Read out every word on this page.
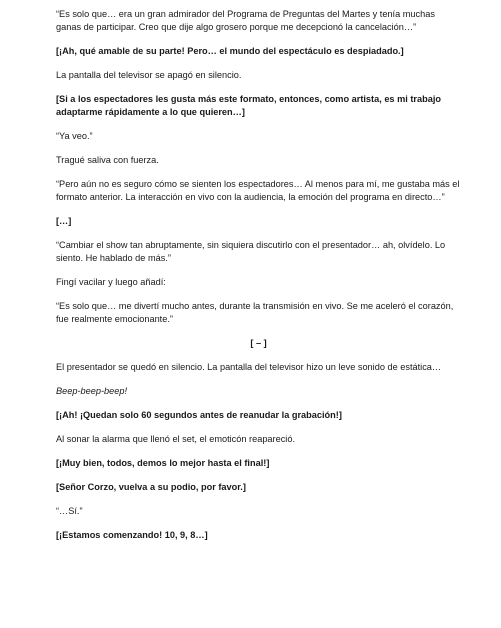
“Es solo que… era un gran admirador del Programa de Preguntas del Martes y tenía muchas ganas de participar. Creo que dije algo grosero porque me decepcionó la cancelación…”

[¡Ah, qué amable de su parte! Pero… el mundo del espectáculo es despiadado.]

La pantalla del televisor se apagó en silencio.

[Si a los espectadores les gusta más este formato, entonces, como artista, es mi trabajo adaptarme rápidamente a lo que quieren…]

“Ya veo.”

Tragué saliva con fuerza.

“Pero aún no es seguro cómo se sienten los espectadores… Al menos para mí, me gustaba más el formato anterior. La interacción en vivo con la audiencia, la emoción del programa en directo…”

[…]

“Cambiar el show tan abruptamente, sin siquiera discutirlo con el presentador… ah, olvídelo. Lo siento. He hablado de más.”

Fingí vacilar y luego añadí:

“Es solo que… me divertí mucho antes, durante la transmisión en vivo. Se me aceleró el corazón, fue realmente emocionante.”

[ – ]

El presentador se quedó en silencio. La pantalla del televisor hizo un leve sonido de estática…

Beep-beep-beep!

[¡Ah! ¡Quedan solo 60 segundos antes de reanudar la grabación!]

Al sonar la alarma que llenó el set, el emoticón reapareció.

[¡Muy bien, todos, demos lo mejor hasta el final!]

[Señor Corzo, vuelva a su podio, por favor.]

“…Sí.”

[¡Estamos comenzando! 10, 9, 8…]
